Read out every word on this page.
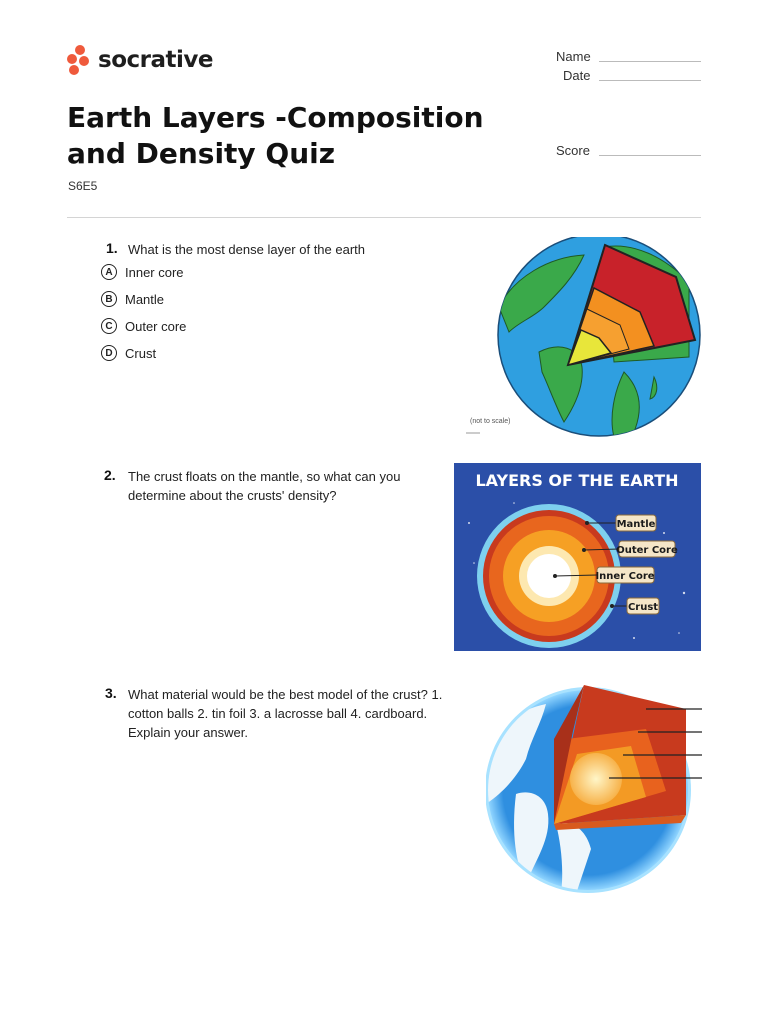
socrative	Name
Date
Score
Earth Layers -Composition and Density Quiz
S6E5
1. What is the most dense layer of the earth
A Inner core
B Mantle
C Outer core
D Crust
(not to scale)
2. The crust floats on the mantle, so what can you determine about the crusts' density?
LAYERS OF THE EARTH
Mantle
Outer Core
Inner Core
Crust
3. What material would be the best model of the crust? 1. cotton balls 2. tin foil 3. a lacrosse ball 4. cardboard. Explain your answer.
